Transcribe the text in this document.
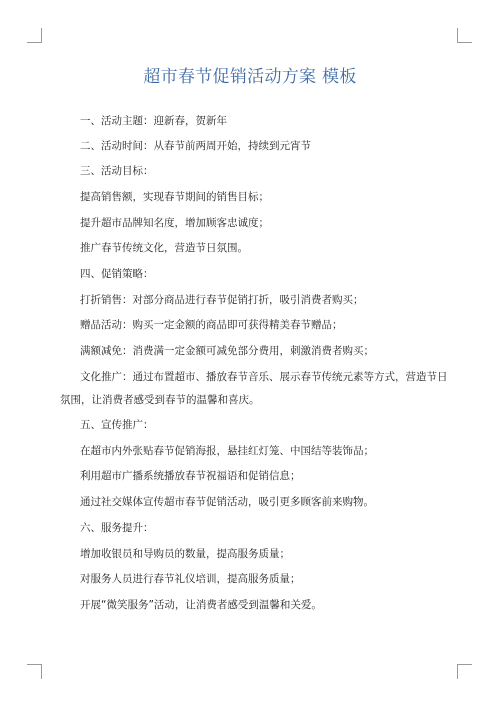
超市春节促销活动方案 模板
一、活动主题：迎新春，贺新年
二、活动时间：从春节前两周开始，持续到元宵节
三、活动目标：
提高销售额，实现春节期间的销售目标；
提升超市品牌知名度，增加顾客忠诚度；
推广春节传统文化，营造节日氛围。
四、促销策略：
打折销售：对部分商品进行春节促销打折，吸引消费者购买；
赠品活动：购买一定金额的商品即可获得精美春节赠品；
满额减免：消费满一定金额可减免部分费用，刺激消费者购买；
文化推广：通过布置超市、播放春节音乐、展示春节传统元素等方式，营造节日
氛围，让消费者感受到春节的温馨和喜庆。
五、宣传推广：
在超市内外张贴春节促销海报，悬挂红灯笼、中国结等装饰品；
利用超市广播系统播放春节祝福语和促销信息；
通过社交媒体宣传超市春节促销活动，吸引更多顾客前来购物。
六、服务提升：
增加收银员和导购员的数量，提高服务质量；
对服务人员进行春节礼仪培训，提高服务质量；
开展“微笑服务”活动，让消费者感受到温馨和关爱。
